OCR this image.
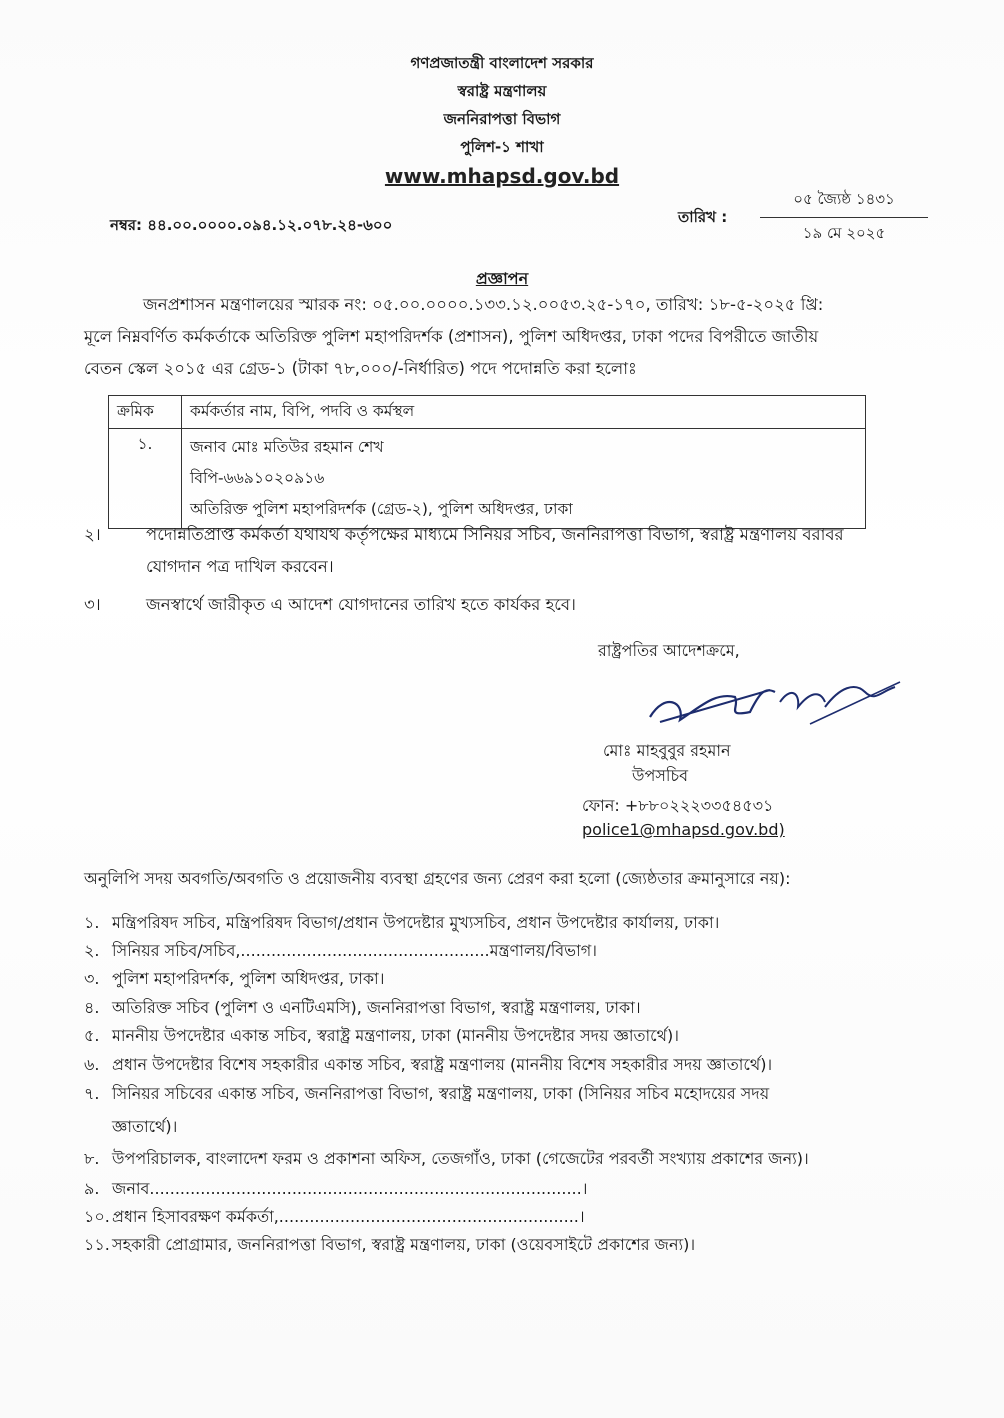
গণপ্রজাতন্ত্রী বাংলাদেশ সরকার
স্বরাষ্ট্র মন্ত্রণালয়
জননিরাপত্তা বিভাগ
পুলিশ-১ শাখা
www.mhapsd.gov.bd
নম্বর: ৪৪.০০.০০০০.০৯৪.১২.০৭৮.২৪-৬০০	তারিখ :
০৫ জ্যৈষ্ঠ ১৪৩১
১৯ মে ২০২৫
প্রজ্ঞাপন
জনপ্রশাসন মন্ত্রণালয়ের স্মারক নং: ০৫.০০.০০০০.১৩৩.১২.০০৫৩.২৫-১৭০, তারিখ: ১৮-৫-২০২৫ খ্রি:
মূলে নিম্নবর্ণিত কর্মকর্তাকে অতিরিক্ত পুলিশ মহাপরিদর্শক (প্রশাসন), পুলিশ অধিদপ্তর, ঢাকা পদের বিপরীতে জাতীয়
বেতন স্কেল ২০১৫ এর গ্রেড-১ (টাকা ৭৮,০০০/-নির্ধারিত) পদে পদোন্নতি করা হলোঃ
ক্রমিক	কর্মকর্তার নাম, বিপি, পদবি ও কর্মস্থল
১.	জনাব মোঃ মতিউর রহমান শেখ
বিপি-৬৬৯১০২০৯১৬
অতিরিক্ত পুলিশ মহাপরিদর্শক (গ্রেড-২), পুলিশ অধিদপ্তর, ঢাকা
২।	পদোন্নতিপ্রাপ্ত কর্মকর্তা যথাযথ কর্তৃপক্ষের মাধ্যমে সিনিয়র সচিব, জননিরাপত্তা বিভাগ, স্বরাষ্ট্র মন্ত্রণালয় বরাবর
যোগদান পত্র দাখিল করবেন।
৩।	জনস্বার্থে জারীকৃত এ আদেশ যোগদানের তারিখ হতে কার্যকর হবে।
রাষ্ট্রপতির আদেশক্রমে,
মোঃ মাহবুবুর রহমান
উপসচিব
ফোন: +৮৮০২২২৩৩৫৪৫৩১
police1@mhapsd.gov.bd)
অনুলিপি সদয় অবগতি/অবগতি ও প্রয়োজনীয় ব্যবস্থা গ্রহণের জন্য প্রেরণ করা হলো (জ্যেষ্ঠতার ক্রমানুসারে নয়):
১. মন্ত্রিপরিষদ সচিব, মন্ত্রিপরিষদ বিভাগ/প্রধান উপদেষ্টার মুখ্যসচিব, প্রধান উপদেষ্টার কার্যালয়, ঢাকা।
২. সিনিয়র সচিব/সচিব,.................................................মন্ত্রণালয়/বিভাগ।
৩. পুলিশ মহাপরিদর্শক, পুলিশ অধিদপ্তর, ঢাকা।
৪. অতিরিক্ত সচিব (পুলিশ ও এনটিএমসি), জননিরাপত্তা বিভাগ, স্বরাষ্ট্র মন্ত্রণালয়, ঢাকা।
৫. মাননীয় উপদেষ্টার একান্ত সচিব, স্বরাষ্ট্র মন্ত্রণালয়, ঢাকা (মাননীয় উপদেষ্টার সদয় জ্ঞাতার্থে)।
৬. প্রধান উপদেষ্টার বিশেষ সহকারীর একান্ত সচিব, স্বরাষ্ট্র মন্ত্রণালয় (মাননীয় বিশেষ সহকারীর সদয় জ্ঞাতার্থে)।
৭. সিনিয়র সচিবের একান্ত সচিব, জননিরাপত্তা বিভাগ, স্বরাষ্ট্র মন্ত্রণালয়, ঢাকা (সিনিয়র সচিব মহোদয়ের সদয়
জ্ঞাতার্থে)।
৮. উপপরিচালক, বাংলাদেশ ফরম ও প্রকাশনা অফিস, তেজগাঁও, ঢাকা (গেজেটের পরবর্তী সংখ্যায় প্রকাশের জন্য)।
৯. জনাব.....................................................................................।
১০. প্রধান হিসাবরক্ষণ কর্মকর্তা,...........................................................।
১১. সহকারী প্রোগ্রামার, জননিরাপত্তা বিভাগ, স্বরাষ্ট্র মন্ত্রণালয়, ঢাকা (ওয়েবসাইটে প্রকাশের জন্য)।
